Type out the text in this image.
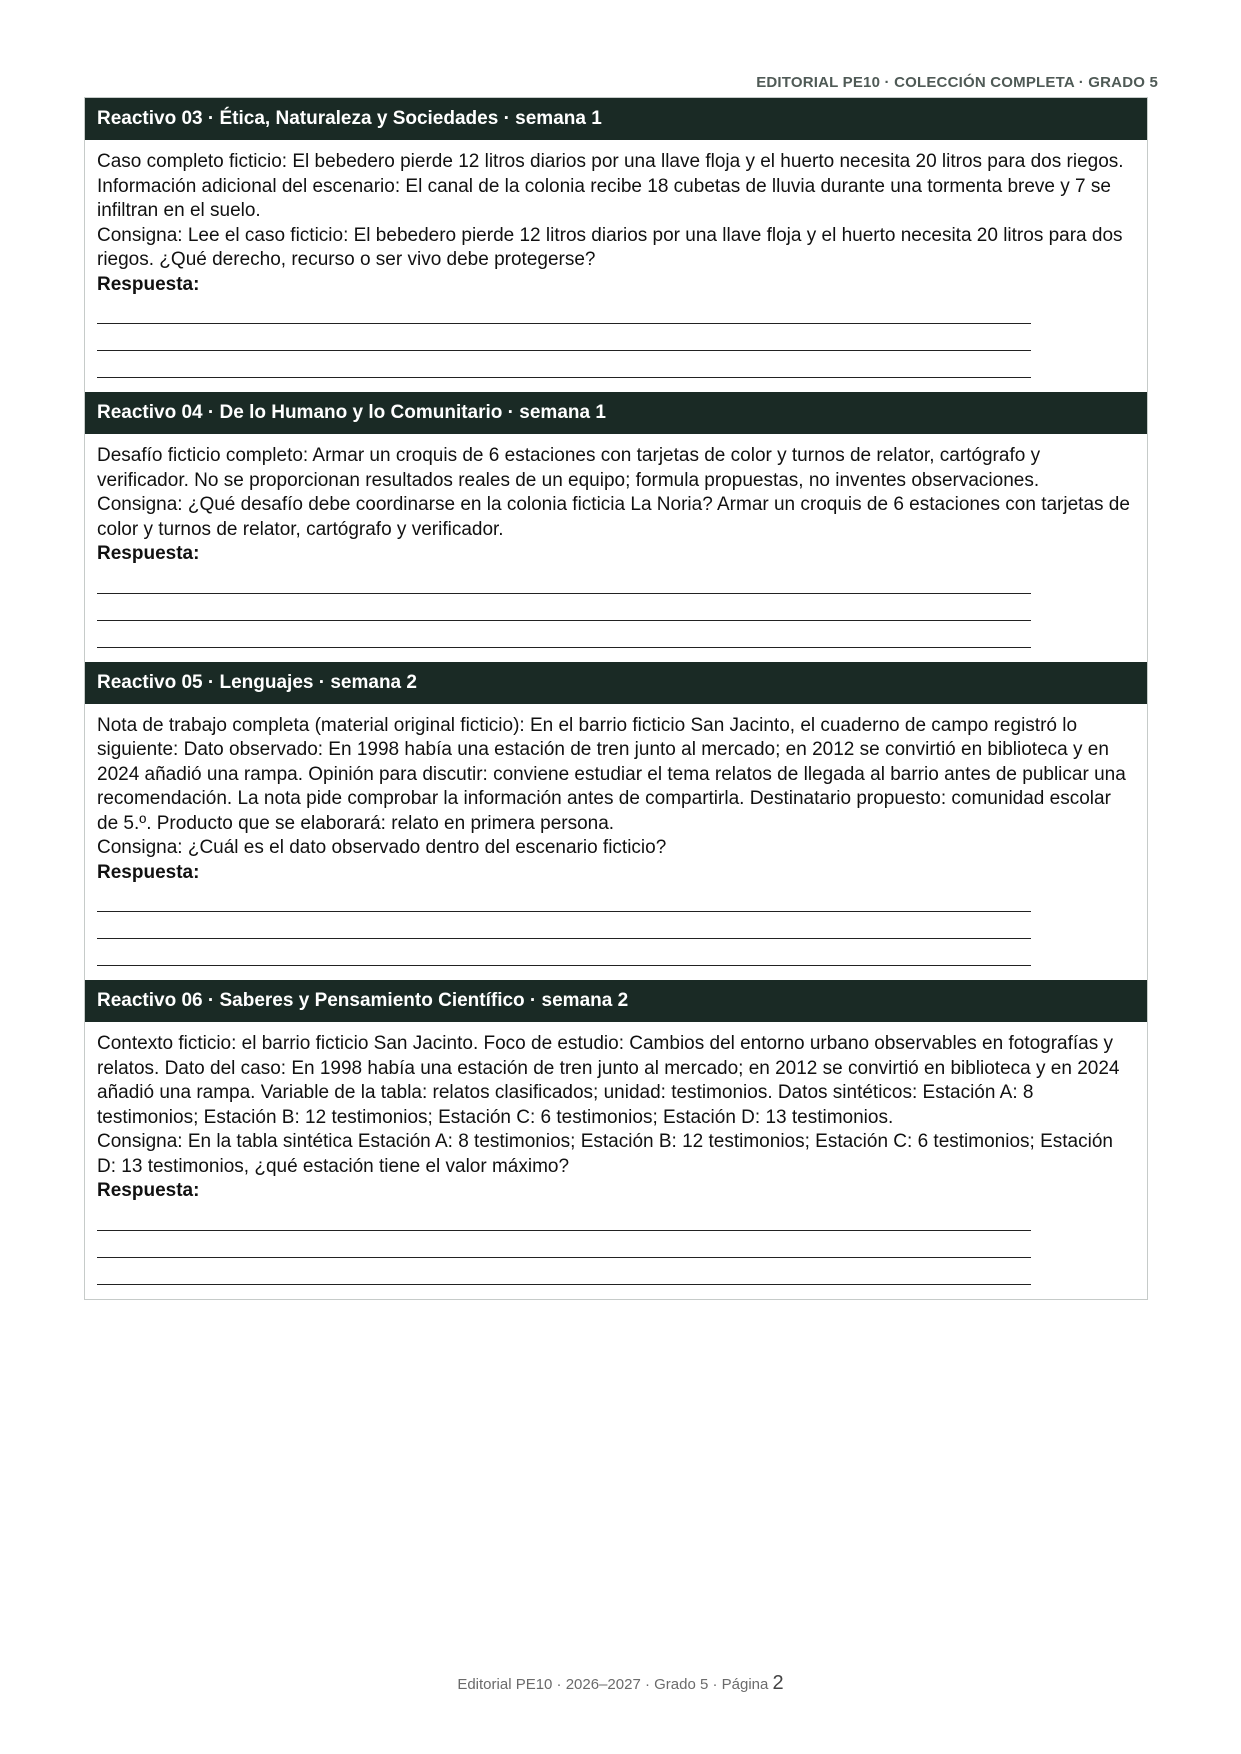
EDITORIAL PE10 · COLECCIÓN COMPLETA · GRADO 5
Reactivo 03 · Ética, Naturaleza y Sociedades · semana 1

Caso completo ficticio: El bebedero pierde 12 litros diarios por una llave floja y el huerto necesita 20 litros para dos riegos. Información adicional del escenario: El canal de la colonia recibe 18 cubetas de lluvia durante una tormenta breve y 7 se infiltran en el suelo.

Consigna: Lee el caso ficticio: El bebedero pierde 12 litros diarios por una llave floja y el huerto necesita 20 litros para dos riegos. ¿Qué derecho, recurso o ser vivo debe protegerse?

Respuesta:

Reactivo 04 · De lo Humano y lo Comunitario · semana 1

Desafío ficticio completo: Armar un croquis de 6 estaciones con tarjetas de color y turnos de relator, cartógrafo y verificador. No se proporcionan resultados reales de un equipo; formula propuestas, no inventes observaciones.

Consigna: ¿Qué desafío debe coordinarse en la colonia ficticia La Noria? Armar un croquis de 6 estaciones con tarjetas de color y turnos de relator, cartógrafo y verificador.

Respuesta:

Reactivo 05 · Lenguajes · semana 2

Nota de trabajo completa (material original ficticio): En el barrio ficticio San Jacinto, el cuaderno de campo registró lo siguiente: Dato observado: En 1998 había una estación de tren junto al mercado; en 2012 se convirtió en biblioteca y en 2024 añadió una rampa. Opinión para discutir: conviene estudiar el tema relatos de llegada al barrio antes de publicar una recomendación. La nota pide comprobar la información antes de compartirla. Destinatario propuesto: comunidad escolar de 5.º. Producto que se elaborará: relato en primera persona.

Consigna: ¿Cuál es el dato observado dentro del escenario ficticio?

Respuesta:

Reactivo 06 · Saberes y Pensamiento Científico · semana 2

Contexto ficticio: el barrio ficticio San Jacinto. Foco de estudio: Cambios del entorno urbano observables en fotografías y relatos. Dato del caso: En 1998 había una estación de tren junto al mercado; en 2012 se convirtió en biblioteca y en 2024 añadió una rampa. Variable de la tabla: relatos clasificados; unidad: testimonios. Datos sintéticos: Estación A: 8 testimonios; Estación B: 12 testimonios; Estación C: 6 testimonios; Estación D: 13 testimonios.

Consigna: En la tabla sintética Estación A: 8 testimonios; Estación B: 12 testimonios; Estación C: 6 testimonios; Estación D: 13 testimonios, ¿qué estación tiene el valor máximo?

Respuesta:

Editorial PE10 · 2026–2027 · Grado 5 · Página 2
